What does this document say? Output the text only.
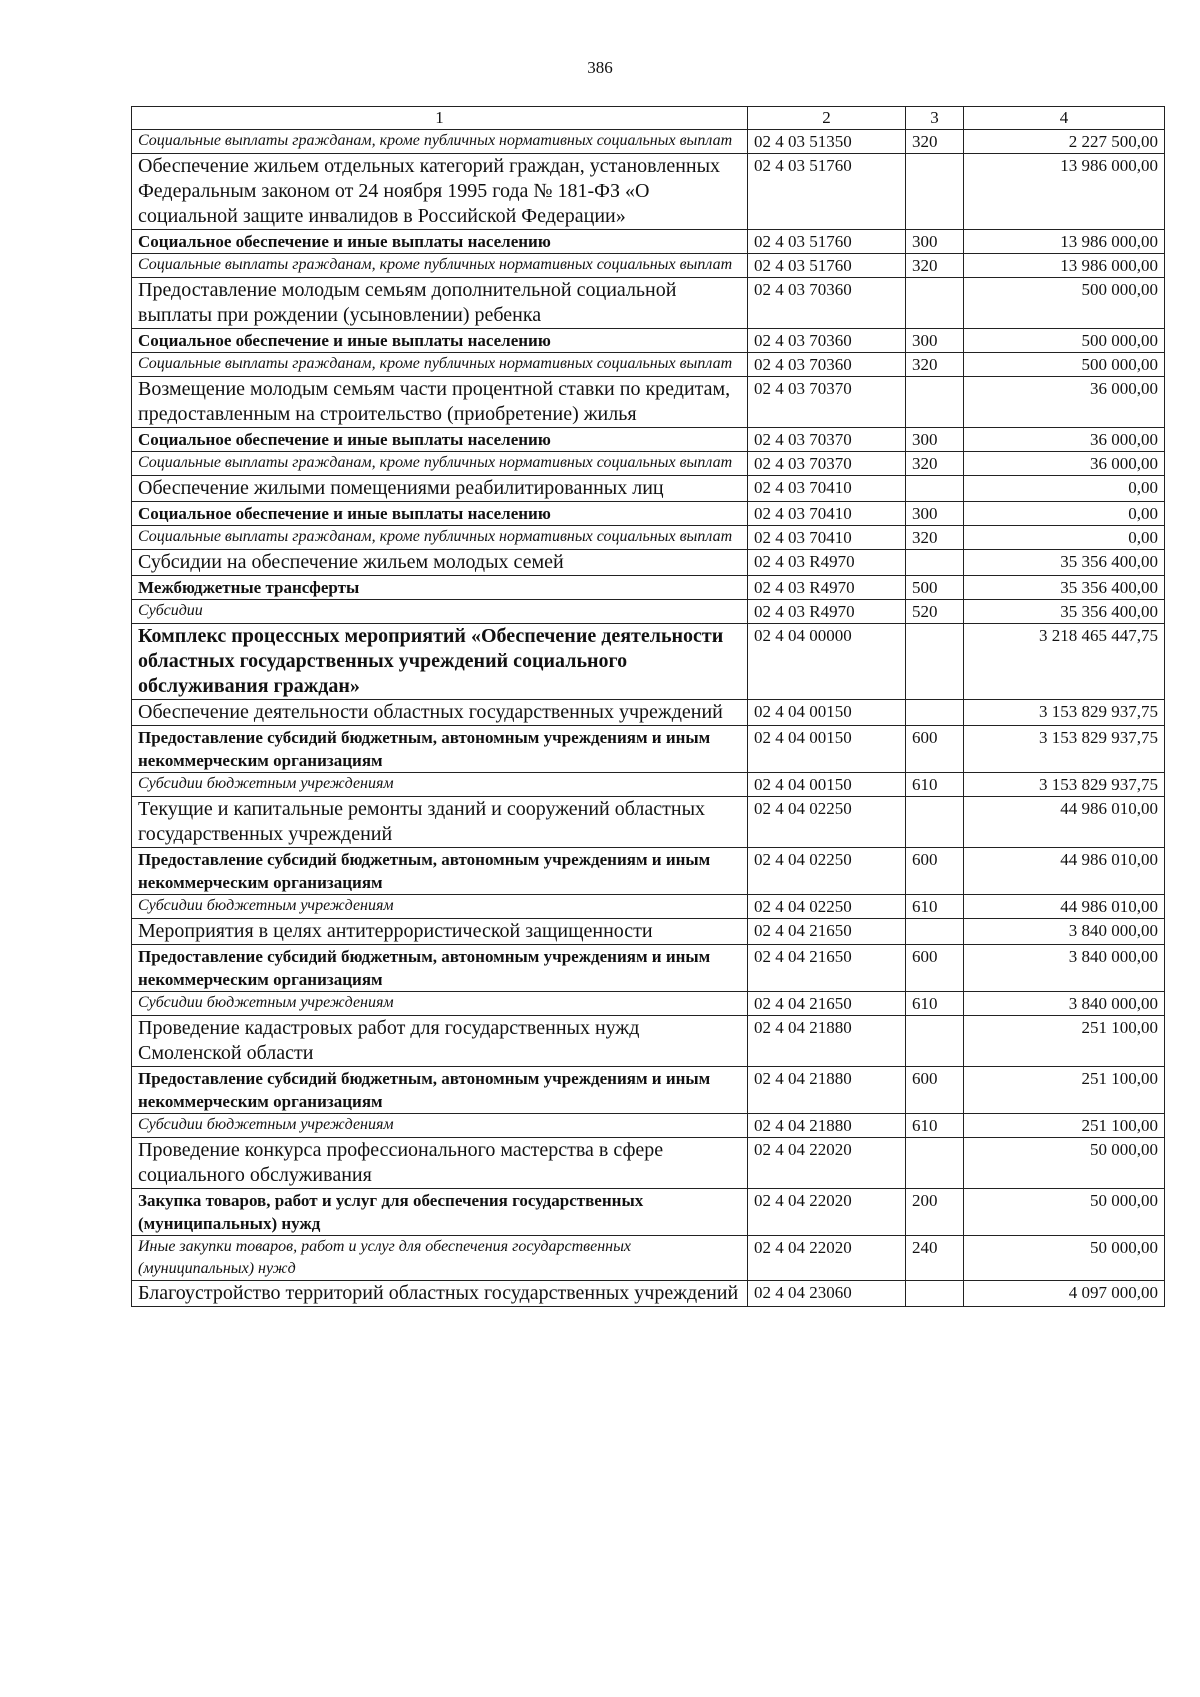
386
1	2	3	4
Социальные выплаты гражданам, кроме публичных нормативных социальных выплат	02 4 03 51350	320	2 227 500,00
Обеспечение жильем отдельных категорий граждан, установленных Федеральным законом от 24 ноября 1995 года № 181-ФЗ «О социальной защите инвалидов в Российской Федерации»	02 4 03 51760		13 986 000,00
Социальное обеспечение и иные выплаты населению	02 4 03 51760	300	13 986 000,00
Социальные выплаты гражданам, кроме публичных нормативных социальных выплат	02 4 03 51760	320	13 986 000,00
Предоставление молодым семьям дополнительной социальной выплаты при рождении (усыновлении) ребенка	02 4 03 70360		500 000,00
Социальное обеспечение и иные выплаты населению	02 4 03 70360	300	500 000,00
Социальные выплаты гражданам, кроме публичных нормативных социальных выплат	02 4 03 70360	320	500 000,00
Возмещение молодым семьям части процентной ставки по кредитам, предоставленным на строительство (приобретение) жилья	02 4 03 70370		36 000,00
Социальное обеспечение и иные выплаты населению	02 4 03 70370	300	36 000,00
Социальные выплаты гражданам, кроме публичных нормативных социальных выплат	02 4 03 70370	320	36 000,00
Обеспечение жилыми помещениями реабилитированных лиц	02 4 03 70410		0,00
Социальное обеспечение и иные выплаты населению	02 4 03 70410	300	0,00
Социальные выплаты гражданам, кроме публичных нормативных социальных выплат	02 4 03 70410	320	0,00
Субсидии на обеспечение жильем молодых семей	02 4 03 R4970		35 356 400,00
Межбюджетные трансферты	02 4 03 R4970	500	35 356 400,00
Субсидии	02 4 03 R4970	520	35 356 400,00
Комплекс процессных мероприятий «Обеспечение деятельности областных государственных учреждений социального обслуживания граждан»	02 4 04 00000		3 218 465 447,75
Обеспечение деятельности областных государственных учреждений	02 4 04 00150		3 153 829 937,75
Предоставление субсидий бюджетным, автономным учреждениям и иным некоммерческим организациям	02 4 04 00150	600	3 153 829 937,75
Субсидии бюджетным учреждениям	02 4 04 00150	610	3 153 829 937,75
Текущие и капитальные ремонты зданий и сооружений областных государственных учреждений	02 4 04 02250		44 986 010,00
Предоставление субсидий бюджетным, автономным учреждениям и иным некоммерческим организациям	02 4 04 02250	600	44 986 010,00
Субсидии бюджетным учреждениям	02 4 04 02250	610	44 986 010,00
Мероприятия в целях антитеррористической защищенности	02 4 04 21650		3 840 000,00
Предоставление субсидий бюджетным, автономным учреждениям и иным некоммерческим организациям	02 4 04 21650	600	3 840 000,00
Субсидии бюджетным учреждениям	02 4 04 21650	610	3 840 000,00
Проведение кадастровых работ для государственных нужд Смоленской области	02 4 04 21880		251 100,00
Предоставление субсидий бюджетным, автономным учреждениям и иным некоммерческим организациям	02 4 04 21880	600	251 100,00
Субсидии бюджетным учреждениям	02 4 04 21880	610	251 100,00
Проведение конкурса профессионального мастерства в сфере социального обслуживания	02 4 04 22020		50 000,00
Закупка товаров, работ и услуг для обеспечения государственных (муниципальных) нужд	02 4 04 22020	200	50 000,00
Иные закупки товаров, работ и услуг для обеспечения государственных (муниципальных) нужд	02 4 04 22020	240	50 000,00
Благоустройство территорий областных государственных учреждений	02 4 04 23060		4 097 000,00
